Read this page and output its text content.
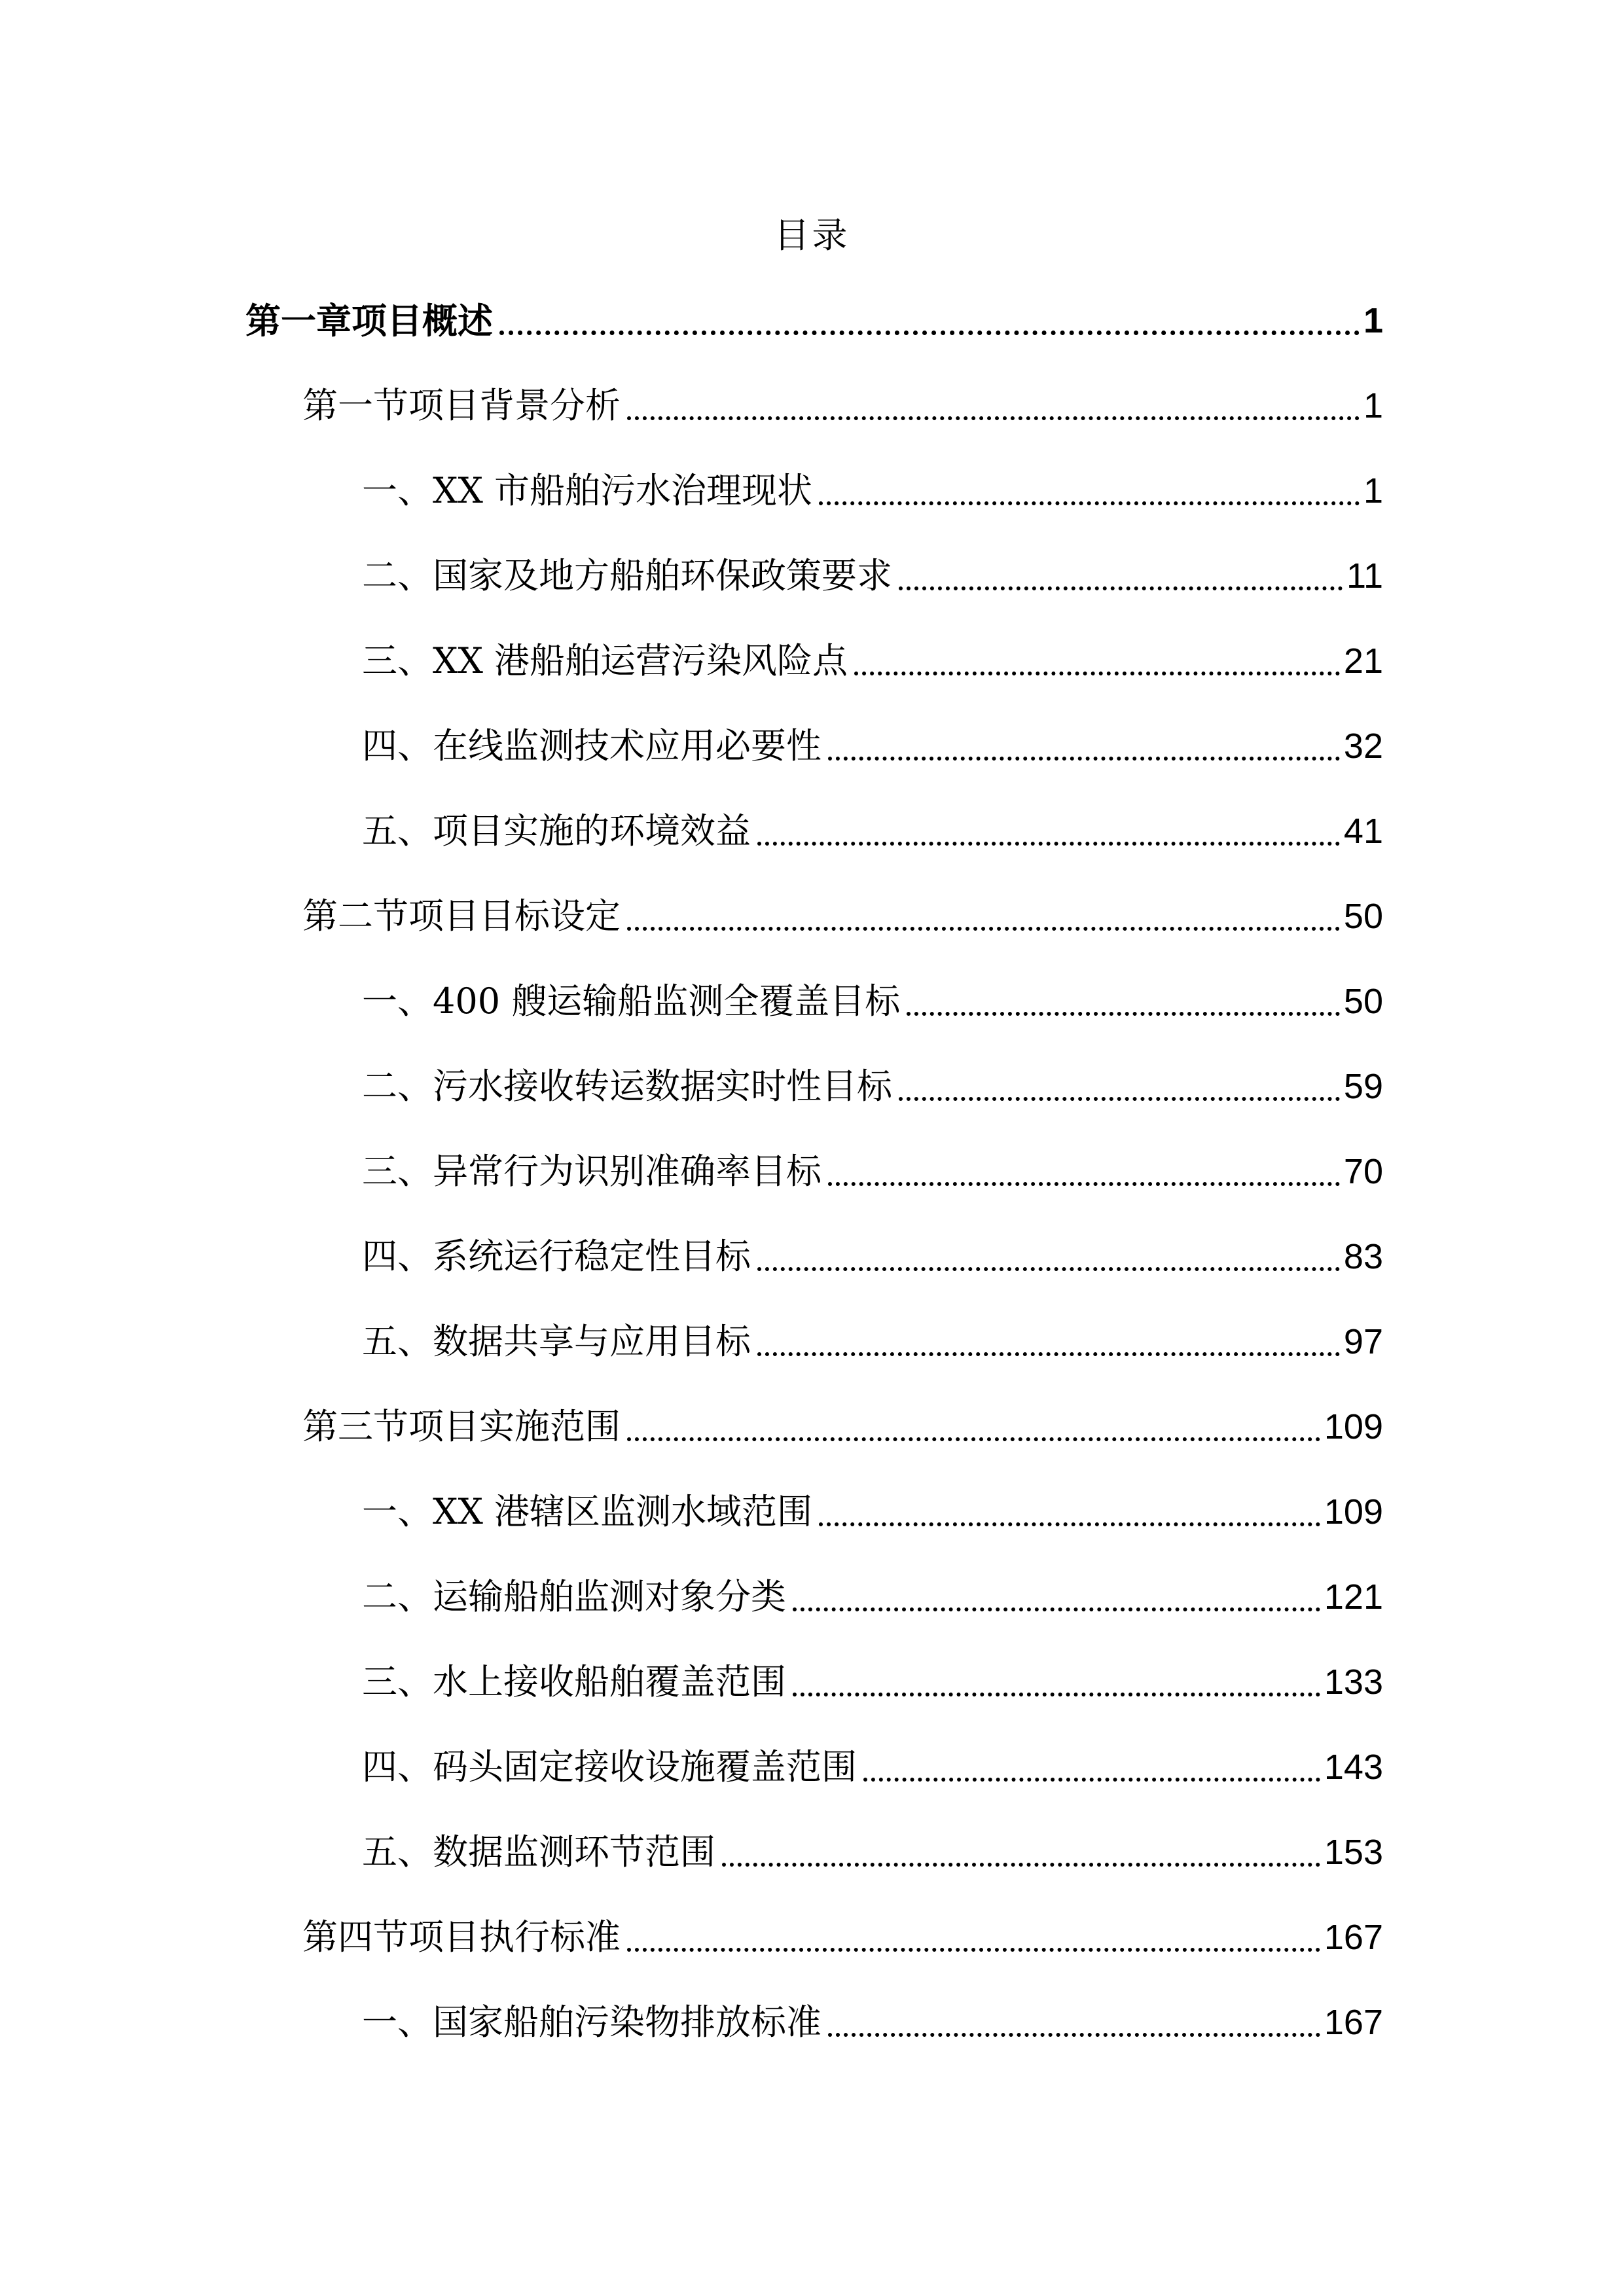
目录
第一章项目概述	1
第一节项目背景分析	1
一、XX 市船舶污水治理现状	1
二、国家及地方船舶环保政策要求	11
三、XX 港船舶运营污染风险点	21
四、在线监测技术应用必要性	32
五、项目实施的环境效益	41
第二节项目目标设定	50
一、400 艘运输船监测全覆盖目标	50
二、污水接收转运数据实时性目标	59
三、异常行为识别准确率目标	70
四、系统运行稳定性目标	83
五、数据共享与应用目标	97
第三节项目实施范围	109
一、XX 港辖区监测水域范围	109
二、运输船舶监测对象分类	121
三、水上接收船舶覆盖范围	133
四、码头固定接收设施覆盖范围	143
五、数据监测环节范围	153
第四节项目执行标准	167
一、国家船舶污染物排放标准	167
